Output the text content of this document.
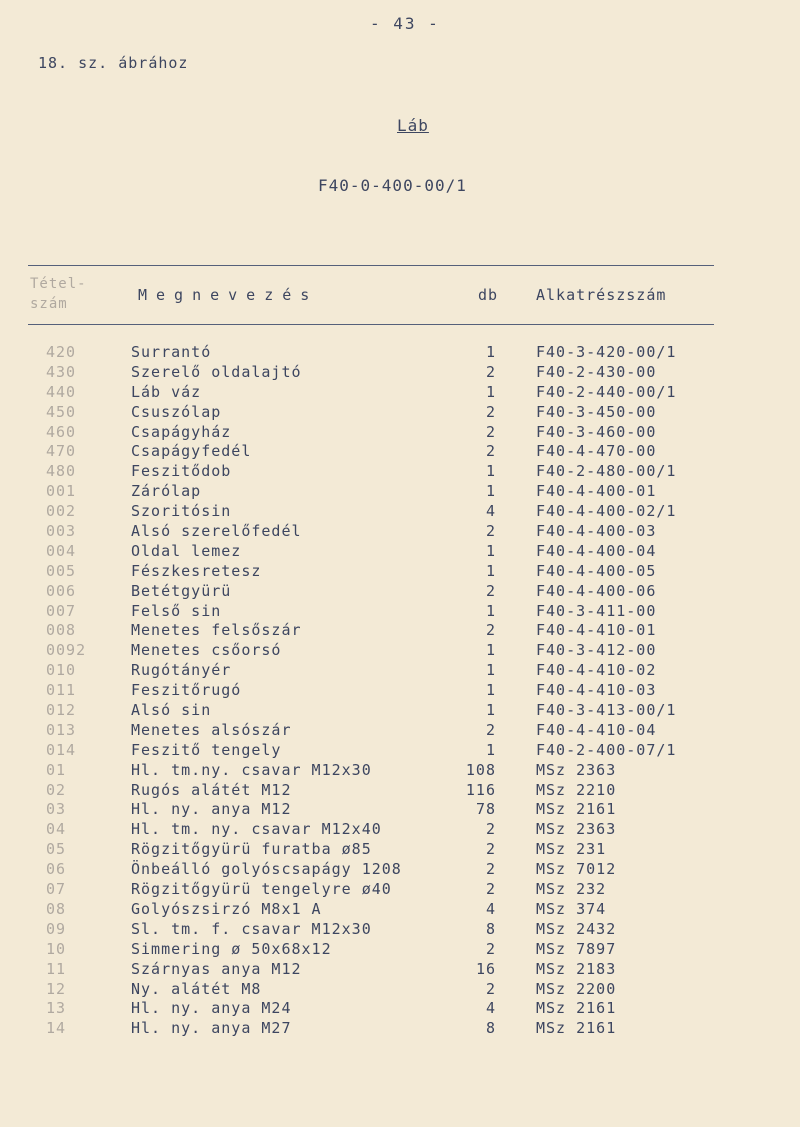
- 43 -
18. sz. ábrához
Láb
F40-0-400-00/1
Tétel-
szám	Megnevezés	db	Alkatrészszám
420	Surrantó	1	F40-3-420-00/1
430	Szerelő oldalajtó	2	F40-2-430-00
440	Láb váz	1	F40-2-440-00/1
450	Csuszólap	2	F40-3-450-00
460	Csapágyház	2	F40-3-460-00
470	Csapágyfedél	2	F40-4-470-00
480	Feszitődob	1	F40-2-480-00/1
001	Zárólap	1	F40-4-400-01
002	Szoritósin	4	F40-4-400-02/1
003	Alsó szerelőfedél	2	F40-4-400-03
004	Oldal lemez	1	F40-4-400-04
005	Fészkesretesz	1	F40-4-400-05
006	Betétgyürü	2	F40-4-400-06
007	Felső sin	1	F40-3-411-00
008	Menetes felsőszár	2	F40-4-410-01
0092	Menetes csőorsó	1	F40-3-412-00
010	Rugótányér	1	F40-4-410-02
011	Feszitőrugó	1	F40-4-410-03
012	Alsó sin	1	F40-3-413-00/1
013	Menetes alsószár	2	F40-4-410-04
014	Feszitő tengely	1	F40-2-400-07/1
01	Hl. tm.ny. csavar M12x30	108	MSz 2363
02	Rugós alátét M12	116	MSz 2210
03	Hl. ny. anya M12	78	MSz 2161
04	Hl. tm. ny. csavar M12x40	2	MSz 2363
05	Rögzitőgyürü furatba ø85	2	MSz 231
06	Önbeálló golyóscsapágy 1208	2	MSz 7012
07	Rögzitőgyürü tengelyre ø40	2	MSz 232
08	Golyószsirzó M8x1 A	4	MSz 374
09	Sl. tm. f. csavar M12x30	8	MSz 2432
10	Simmering ø 50x68x12	2	MSz 7897
11	Szárnyas anya M12	16	MSz 2183
12	Ny. alátét M8	2	MSz 2200
13	Hl. ny. anya M24	4	MSz 2161
14	Hl. ny. anya M27	8	MSz 2161
